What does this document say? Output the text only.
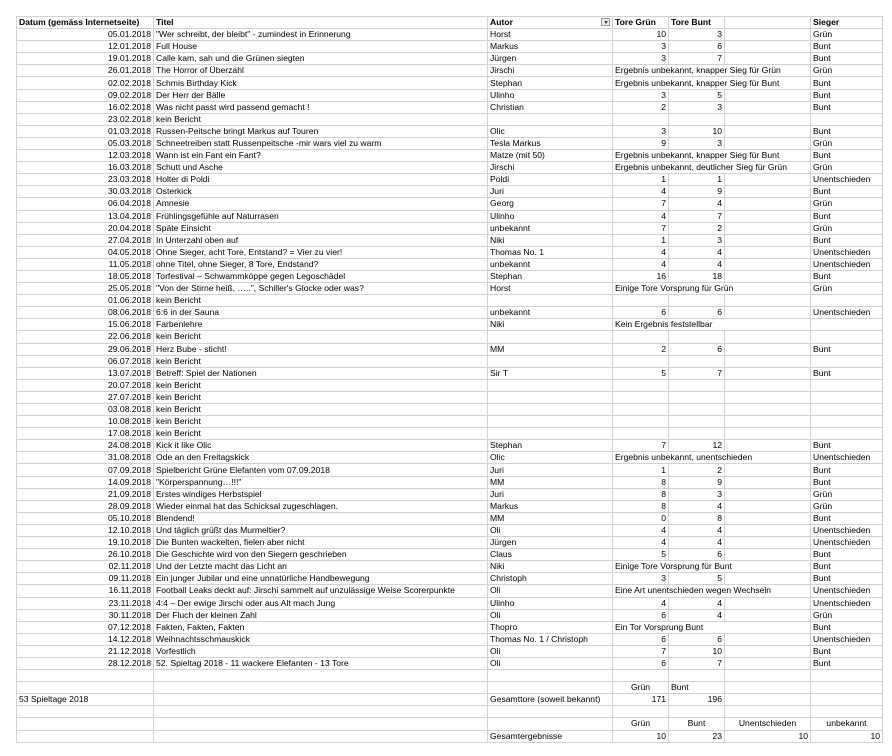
Datum (gemäss Internetseite)	Titel	Autor	Tore Grün	Tore Bunt		Sieger
05.01.2018	"Wer schreibt, der bleibt" - zumindest in Erinnerung	Horst	10	3		Grün
12.01.2018	Full House	Markus	3	6		Bunt
19.01.2018	Calle kam, sah und die Grünen siegten	Jürgen	3	7		Bunt
26.01.2018	The Horror of Überzahl	Jirschi	Ergebnis unbekannt, knapper Sieg für Grün			Grün
02.02.2018	Schmis Birthday Kick	Stephan	Ergebnis unbekannt, knapper Sieg für Bunt			Bunt
09.02.2018	Der Herr der Bälle	Ulinho	3	5		Bunt
16.02.2018	Was nicht passt wird passend gemacht !	Christian	2	3		Bunt
23.02.2018	kein Bericht					
01.03.2018	Russen-Peitsche bringt Markus auf Touren	Olic	3	10		Bunt
05.03.2018	Schneetreiben statt Russenpeitsche -mir wars viel zu warm	Tesla Markus	9	3		Grün
12.03.2018	Wann ist ein Fant ein Fant?	Matze (mit 50)	Ergebnis unbekannt, knapper Sieg für Bunt			Bunt
16.03.2018	Schutt und Asche	Jirschi	Ergebnis unbekannt, deutlicher Sieg für Grün			Grün
23.03.2018	Holter di Poldi	Poldi	1	1		Unentschieden
30.03.2018	Osterkick	Juri	4	9		Bunt
06.04.2018	Amnesie	Georg	7	4		Grün
13.04.2018	Frühlingsgefühle auf Naturrasen	Ulinho	4	7		Bunt
20.04.2018	Späte Einsicht	unbekannt	7	2		Grün
27.04.2018	In Unterzahl oben auf	Niki	1	3		Bunt
04.05.2018	Ohne Sieger, acht Tore, Entstand? = Vier zu vier!	Thomas No. 1	4	4		Unentschieden
11.05.2018	ohne Titel, ohne Sieger, 8 Tore, Endstand?	unbekannt	4	4		Unentschieden
18.05.2018	Torfestival – Schwammköppe gegen Legoschädel	Stephan	16	18		Bunt
25.05.2018	"Von der Stirne heiß, …..", Schiller's Glocke oder was?	Horst	Einige Tore Vorsprung für Grün			Grün
01.06.2018	kein Bericht					
08.06.2018	6:6 in der Sauna	unbekannt	6	6		Unentschieden
15.06.2018	Farbenlehre	Niki	Kein Ergebnis feststellbar			
22.06.2018	kein Bericht					
29.06.2018	Herz Bube - sticht!	MM	2	6		Bunt
06.07.2018	kein Bericht					
13.07.2018	Betreff: Spiel der Nationen	Sir T	5	7		Bunt
20.07.2018	kein Bericht					
27.07.2018	kein Bericht					
03.08.2018	kein Bericht					
10.08.2018	kein Bericht					
17.08.2018	kein Bericht					
24.08.2018	Kick it like Olic	Stephan	7	12		Bunt
31.08.2018	Ode an den Freitagskick	Olic	Ergebnis unbekannt, unentschieden			Unentschieden
07.09.2018	Spielbericht Grüne Elefanten vom 07.09.2018	Juri	1	2		Bunt
14.09.2018	"Körperspannung…!!!"	MM	8	9		Bunt
21.09.2018	Erstes windiges Herbstspiel	Juri	8	3		Grün
28.09.2018	Wieder einmal hat das Schicksal zugeschlagen.	Markus	8	4		Grün
05.10.2018	Blendend!	MM	0	8		Bunt
12.10.2018	Und täglich grüßt das Murmeltier?	Oli	4	4		Unentschieden
19.10.2018	Die Bunten wackelten, fielen aber nicht	Jürgen	4	4		Unentschieden
26.10.2018	Die Geschichte wird von den Siegern geschrieben	Claus	5	6		Bunt
02.11.2018	Und der Letzte macht das Licht an	Niki	Einige Tore Vorsprung für Bunt			Bunt
09.11.2018	Ein junger Jubilar und eine unnatürliche Handbewegung	Christoph	3	5		Bunt
16.11.2018	Football Leaks deckt auf: Jirschi sammelt auf unzulässige Weise Scorerpunkte	Oli	Eine Art unentschieden wegen Wechseln			Unentschieden
23.11.2018	4:4 – Der ewige Jirschi oder aus Alt mach Jung	Ulinho	4	4		Unentschieden
30.11.2018	Der Fluch der kleinen Zahl	Oli	6	4		Grün
07.12.2018	Fakten, Fakten, Fakten	Thopro	Ein Tor Vorsprung Bunt			Bunt
14.12.2018	Weihnachtsschmauskick	Thomas No. 1 / Christoph	6	6		Unentschieden
21.12.2018	Vorfestlich	Oli	7	10		Bunt
28.12.2018	52. Spieltag 2018 - 11 wackere Elefanten - 13 Tore	Oli	6	7		Bunt

			Grün	Bunt		
53 Spieltage 2018		Gesamttore (soweit bekannt)	171	196		

			Grün	Bunt	Unentschieden	unbekannt
		Gesamtergebnisse	10	23	10	10
